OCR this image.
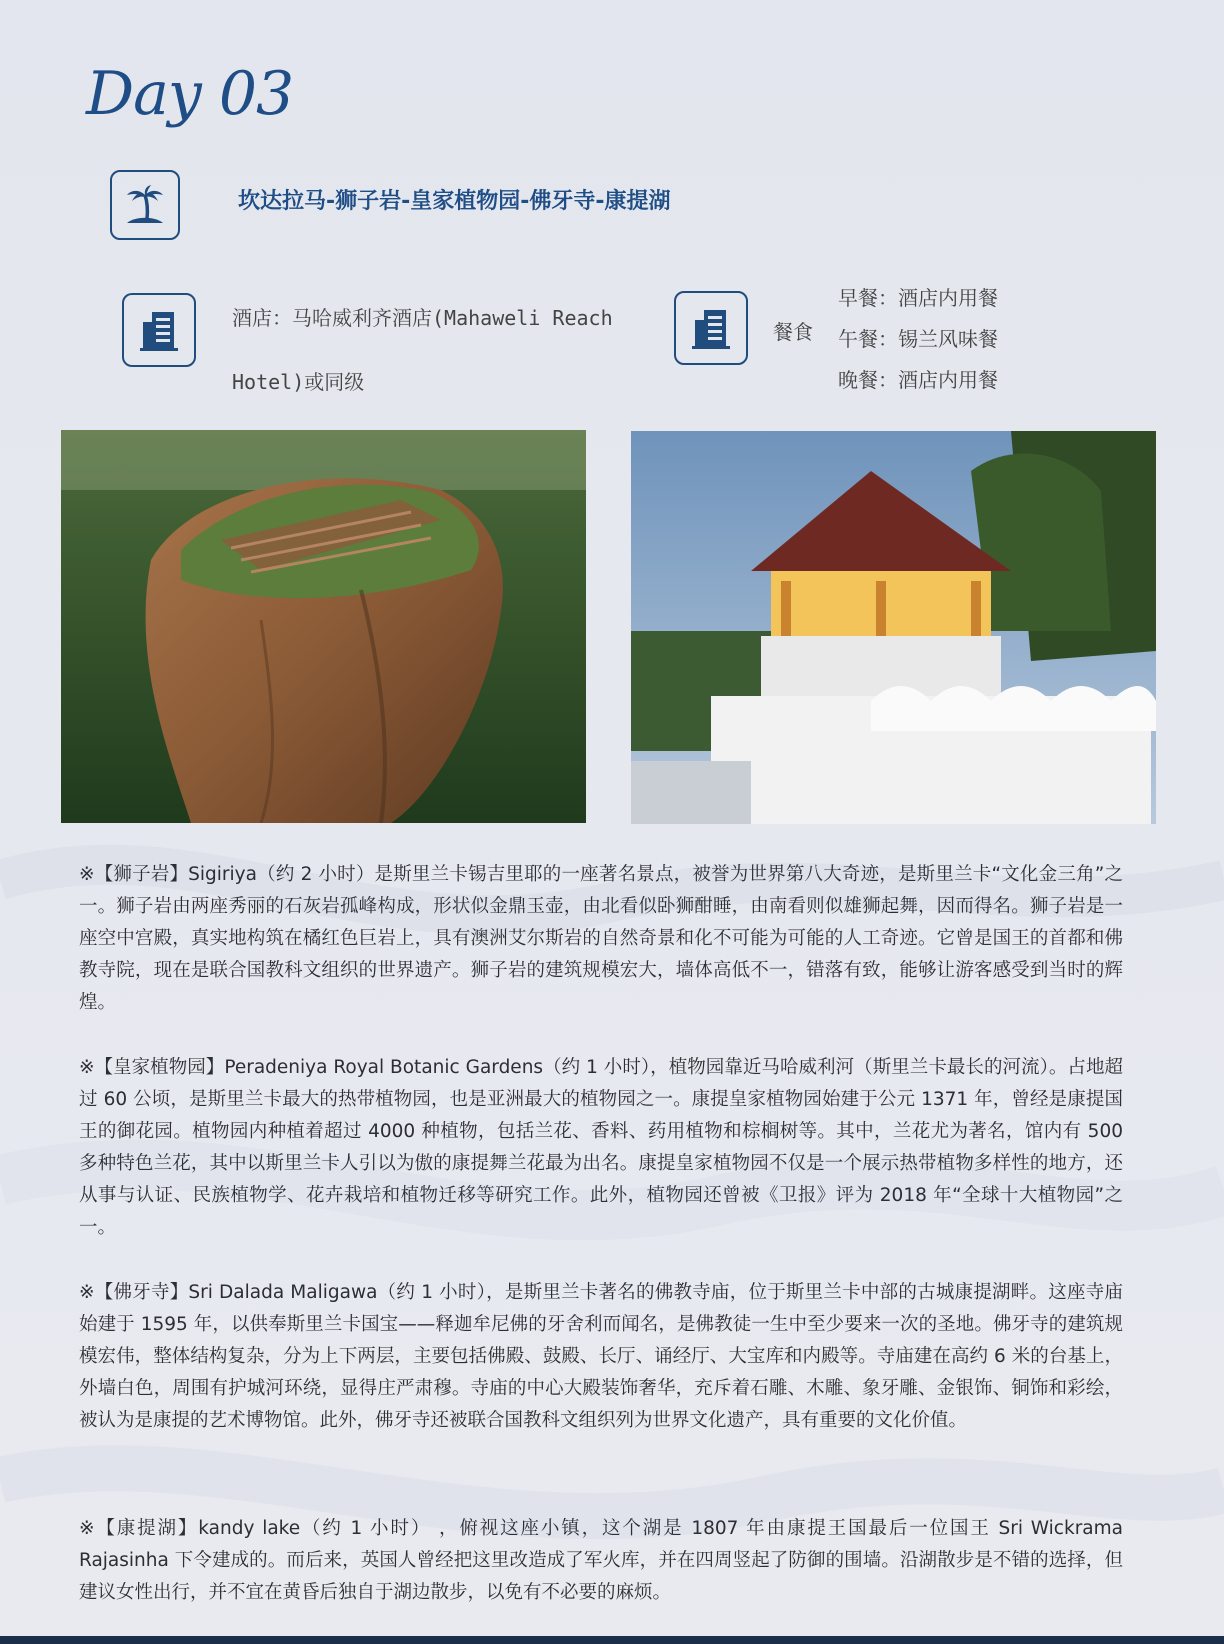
Day 03
坎达拉马-狮子岩-皇家植物园-佛牙寺-康提湖

酒店：马哈威利齐酒店(Mahaweli Reach Hotel)或同级

餐食
早餐：酒店内用餐
午餐：锡兰风味餐
晚餐：酒店内用餐

※【狮子岩】Sigiriya（约 2 小时）是斯里兰卡锡吉里耶的一座著名景点，被誉为世界第八大奇迹，是斯里兰卡“文化金三角”之一。狮子岩由两座秀丽的石灰岩孤峰构成，形状似金鼎玉壶，由北看似卧狮酣睡，由南看则似雄狮起舞，因而得名。狮子岩是一座空中宫殿，真实地构筑在橘红色巨岩上，具有澳洲艾尔斯岩的自然奇景和化不可能为可能的人工奇迹。它曾是国王的首都和佛教寺院，现在是联合国教科文组织的世界遗产。狮子岩的建筑规模宏大，墙体高低不一，错落有致，能够让游客感受到当时的辉煌。

※【皇家植物园】Peradeniya Royal Botanic Gardens（约 1 小时），植物园靠近马哈威利河（斯里兰卡最长的河流）。占地超过 60 公顷，是斯里兰卡最大的热带植物园，也是亚洲最大的植物园之一。康提皇家植物园始建于公元 1371 年，曾经是康提国王的御花园。植物园内种植着超过 4000 种植物，包括兰花、香料、药用植物和棕榈树等。其中，兰花尤为著名，馆内有 500 多种特色兰花，其中以斯里兰卡人引以为傲的康提舞兰花最为出名。康提皇家植物园不仅是一个展示热带植物多样性的地方，还从事与认证、民族植物学、花卉栽培和植物迁移等研究工作。此外，植物园还曾被《卫报》评为 2018 年“全球十大植物园”之一。

※【佛牙寺】Sri Dalada Maligawa（约 1 小时），是斯里兰卡著名的佛教寺庙，位于斯里兰卡中部的古城康提湖畔。这座寺庙始建于 1595 年，以供奉斯里兰卡国宝——释迦牟尼佛的牙舍利而闻名，是佛教徒一生中至少要来一次的圣地。佛牙寺的建筑规模宏伟，整体结构复杂，分为上下两层，主要包括佛殿、鼓殿、长厅、诵经厅、大宝库和内殿等。寺庙建在高约 6 米的台基上，外墙白色，周围有护城河环绕，显得庄严肃穆。寺庙的中心大殿装饰奢华，充斥着石雕、木雕、象牙雕、金银饰、铜饰和彩绘，被认为是康提的艺术博物馆。此外，佛牙寺还被联合国教科文组织列为世界文化遗产，具有重要的文化价值。

※【康提湖】kandy lake（约 1 小时） ，俯视这座小镇，这个湖是 1807 年由康提王国最后一位国王 Sri Wickrama Rajasinha 下令建成的。而后来，英国人曾经把这里改造成了军火库，并在四周竖起了防御的围墙。沿湖散步是不错的选择，但建议女性出行，并不宜在黄昏后独自于湖边散步，以免有不必要的麻烦。
